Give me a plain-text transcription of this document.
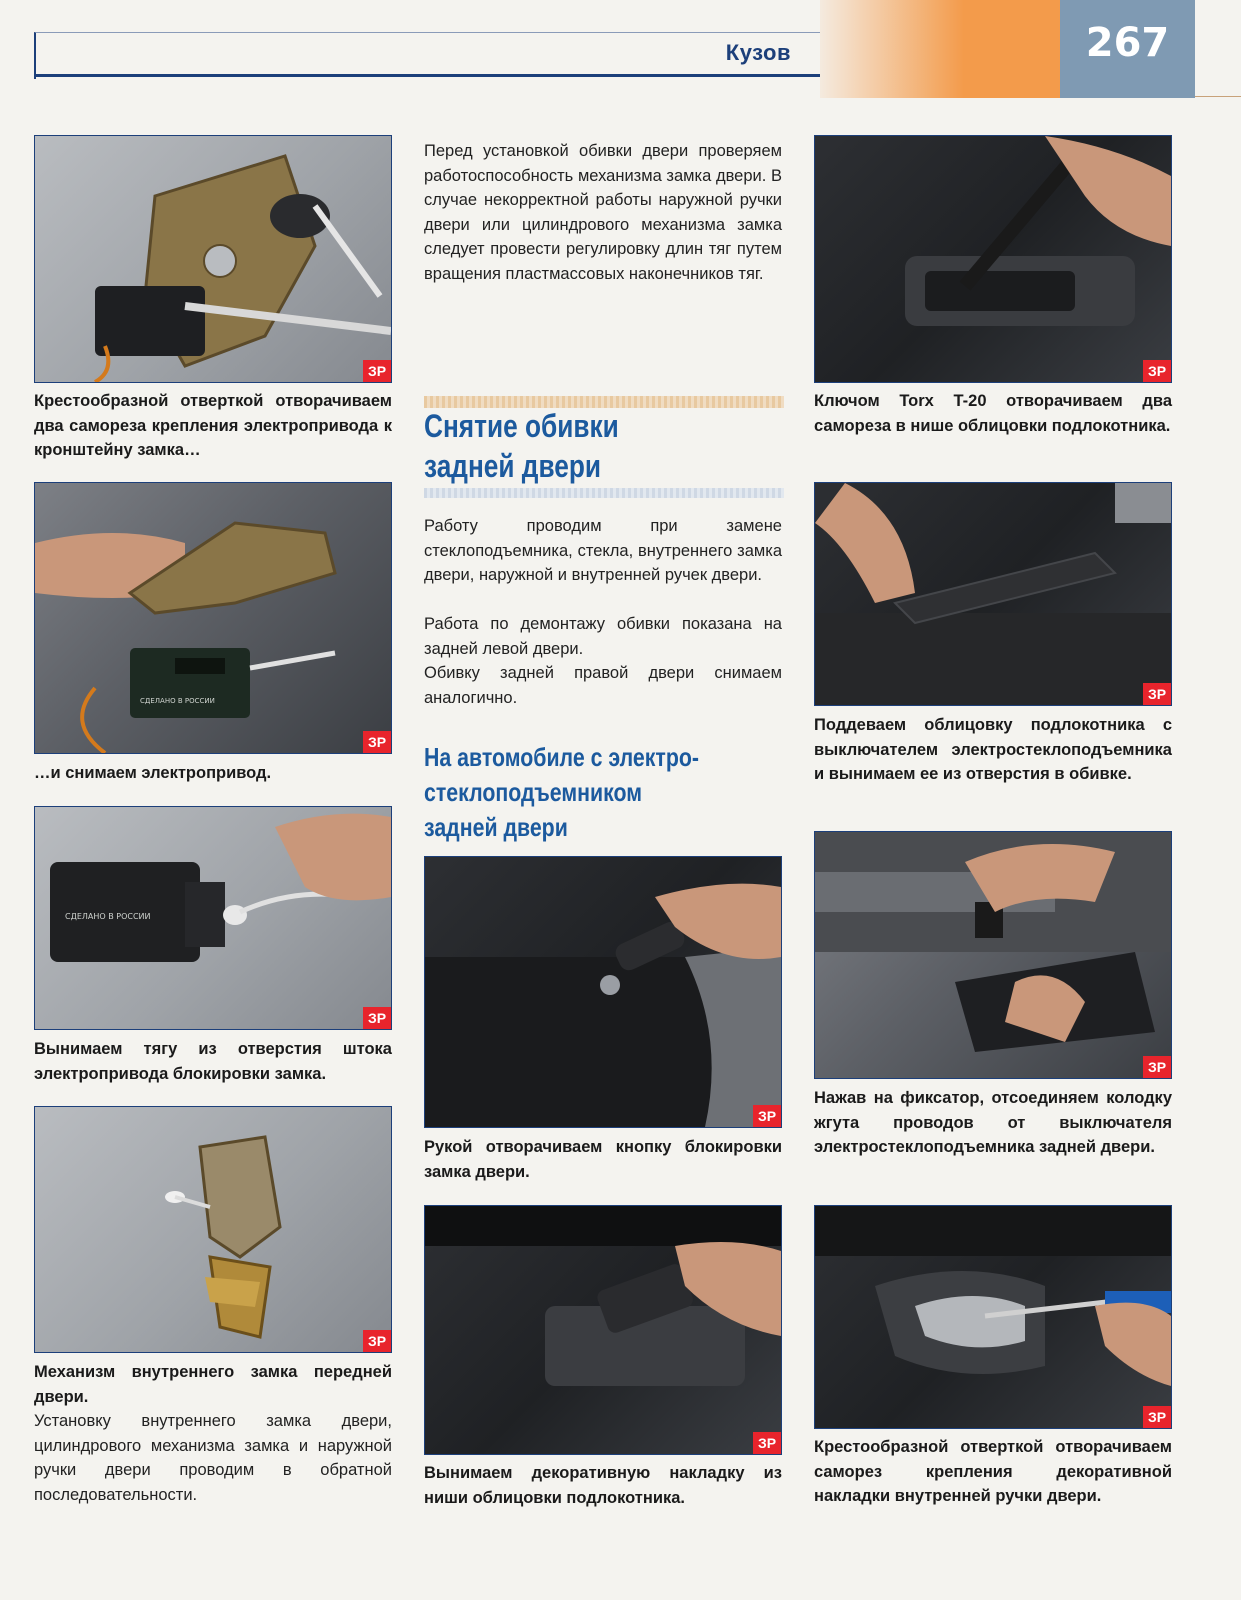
Кузов	267
ЗР
Крестообразной отверткой отворачиваем два самореза крепления электропривода к кронштейну замка…
СДЕЛАНО В РОССИИ
ЗР
…и снимаем электропривод.
СДЕЛАНО В РОССИИ
ЗР
Вынимаем тягу из отверстия штока электропривода блокировки замка.
ЗР
Механизм внутреннего замка передней двери.
Установку внутреннего замка двери, цилиндрового механизма замка и наружной ручки двери проводим в обратной последовательности.
Перед установкой обивки двери проверяем работоспособность механизма замка двери. В случае некорректной работы наружной ручки двери или цилиндрового механизма замка следует провести регулировку длин тяг путем вращения пластмассовых наконечников тяг.
Снятие обивки
задней двери
Работу проводим при замене стеклоподъемника, стекла, внутреннего замка двери, наружной и внутренней ручек двери.
Работа по демонтажу обивки показана на задней левой двери.
Обивку задней правой двери снимаем аналогично.
На автомобиле с электро-
стеклоподъемником
задней двери
ЗР
Рукой отворачиваем кнопку блокировки замка двери.
ЗР
Вынимаем декоративную накладку из ниши облицовки подлокотника.
ЗР
Ключом Torx T-20 отворачиваем два самореза в нише облицовки подлокотника.
ЗР
Поддеваем облицовку подлокотника с выключателем электростеклоподъемника и вынимаем ее из отверстия в обивке.
ЗР
Нажав на фиксатор, отсоединяем колодку жгута проводов от выключателя электростеклоподъемника задней двери.
ЗР
Крестообразной отверткой отворачиваем саморез крепления декоративной накладки внутренней ручки двери.
